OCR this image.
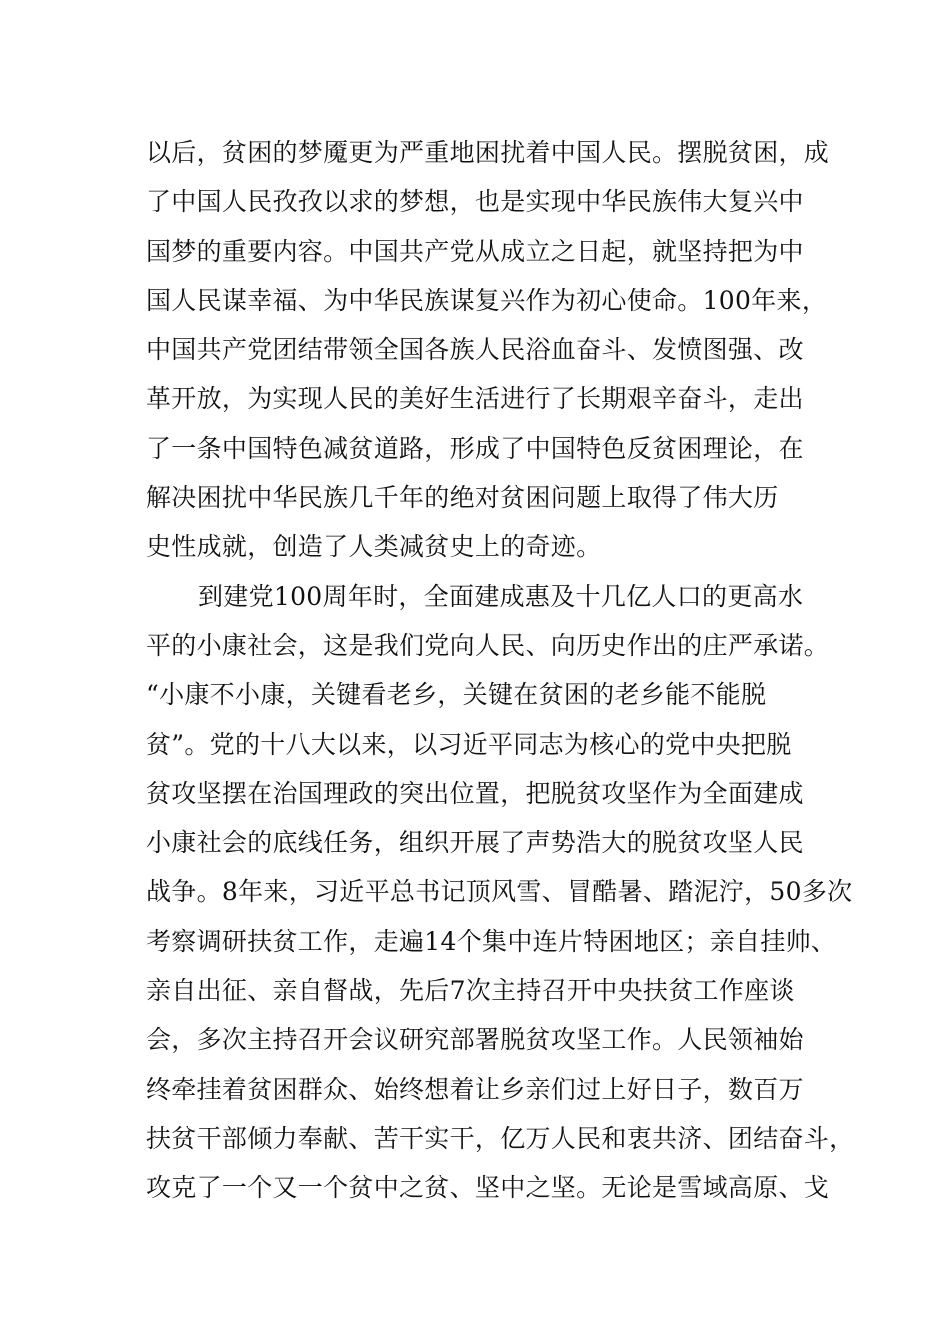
以后，贫困的梦魇更为严重地困扰着中国人民。摆脱贫困，成
了中国人民孜孜以求的梦想，也是实现中华民族伟大复兴中
国梦的重要内容。中国共产党从成立之日起，就坚持把为中
国人民谋幸福、为中华民族谋复兴作为初心使命。100年来，
中国共产党团结带领全国各族人民浴血奋斗、发愤图强、改
革开放，为实现人民的美好生活进行了长期艰辛奋斗，走出
了一条中国特色减贫道路，形成了中国特色反贫困理论，在
解决困扰中华民族几千年的绝对贫困问题上取得了伟大历
史性成就，创造了人类减贫史上的奇迹。
到建党100周年时，全面建成惠及十几亿人口的更高水
平的小康社会，这是我们党向人民、向历史作出的庄严承诺。
“小康不小康，关键看老乡，关键在贫困的老乡能不能脱
贫”。党的十八大以来，以习近平同志为核心的党中央把脱
贫攻坚摆在治国理政的突出位置，把脱贫攻坚作为全面建成
小康社会的底线任务，组织开展了声势浩大的脱贫攻坚人民
战争。8年来，习近平总书记顶风雪、冒酷暑、踏泥泞，50多次
考察调研扶贫工作，走遍14个集中连片特困地区；亲自挂帅、
亲自出征、亲自督战，先后7次主持召开中央扶贫工作座谈
会，多次主持召开会议研究部署脱贫攻坚工作。人民领袖始
终牵挂着贫困群众、始终想着让乡亲们过上好日子，数百万
扶贫干部倾力奉献、苦干实干，亿万人民和衷共济、团结奋斗，
攻克了一个又一个贫中之贫、坚中之坚。无论是雪域高原、戈
